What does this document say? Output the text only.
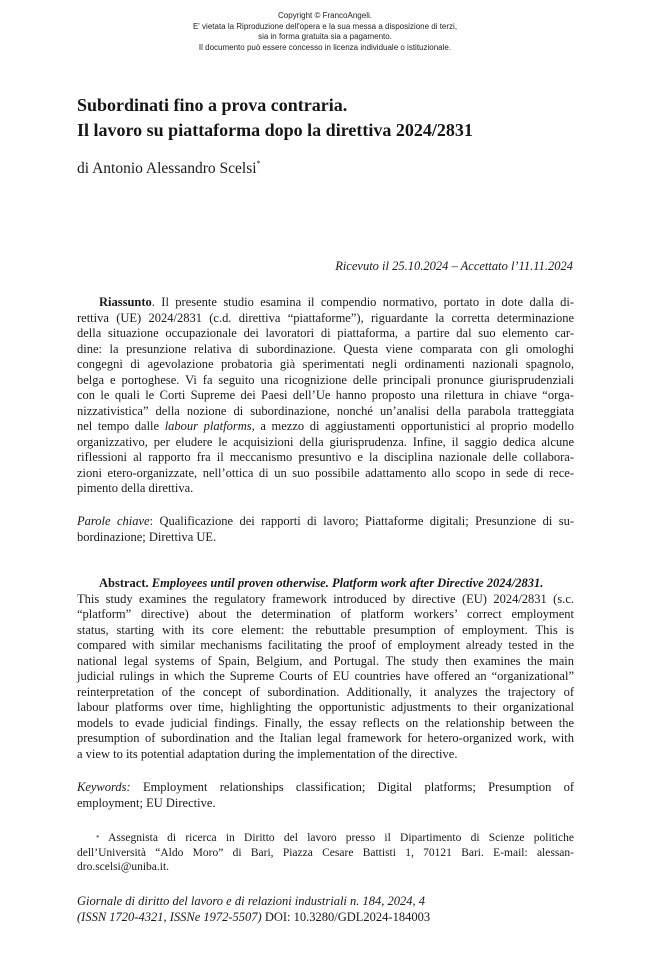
Copyright © FrancoAngeli.
E' vietata la Riproduzione dell'opera e la sua messa a disposizione di terzi,
sia in forma gratuita sia a pagamento.
Il documento può essere concesso in licenza individuale o istituzionale.
Subordinati fino a prova contraria.
Il lavoro su piattaforma dopo la direttiva 2024/2831
di Antonio Alessandro Scelsi*
Ricevuto il 25.10.2024 – Accettato l’11.11.2024
Riassunto. Il presente studio esamina il compendio normativo, portato in dote dalla di-
rettiva (UE) 2024/2831 (c.d. direttiva “piattaforme”), riguardante la corretta determinazione
della situazione occupazionale dei lavoratori di piattaforma, a partire dal suo elemento car-
dine: la presunzione relativa di subordinazione. Questa viene comparata con gli omologhi
congegni di agevolazione probatoria già sperimentati negli ordinamenti nazionali spagnolo,
belga e portoghese. Vi fa seguito una ricognizione delle principali pronunce giurisprudenziali
con le quali le Corti Supreme dei Paesi dell’Ue hanno proposto una rilettura in chiave “orga-
nizzativistica” della nozione di subordinazione, nonché un’analisi della parabola tratteggiata
nel tempo dalle labour platforms, a mezzo di aggiustamenti opportunistici al proprio modello
organizzativo, per eludere le acquisizioni della giurisprudenza. Infine, il saggio dedica alcune
riflessioni al rapporto fra il meccanismo presuntivo e la disciplina nazionale delle collabora-
zioni etero-organizzate, nell’ottica di un suo possibile adattamento allo scopo in sede di rece-
pimento della direttiva.
Parole chiave: Qualificazione dei rapporti di lavoro; Piattaforme digitali; Presunzione di su-
bordinazione; Direttiva UE.
Abstract. Employees until proven otherwise. Platform work after Directive 2024/2831.
This study examines the regulatory framework introduced by directive (EU) 2024/2831 (s.c.
“platform” directive) about the determination of platform workers’ correct employment
status, starting with its core element: the rebuttable presumption of employment. This is
compared with similar mechanisms facilitating the proof of employment already tested in the
national legal systems of Spain, Belgium, and Portugal. The study then examines the main
judicial rulings in which the Supreme Courts of EU countries have offered an “organizational”
reinterpretation of the concept of subordination. Additionally, it analyzes the trajectory of
labour platforms over time, highlighting the opportunistic adjustments to their organizational
models to evade judicial findings. Finally, the essay reflects on the relationship between the
presumption of subordination and the Italian legal framework for hetero-organized work, with
a view to its potential adaptation during the implementation of the directive.
Keywords: Employment relationships classification; Digital platforms; Presumption of
employment; EU Directive.
* Assegnista di ricerca in Diritto del lavoro presso il Dipartimento di Scienze politiche
dell’Università “Aldo Moro” di Bari, Piazza Cesare Battisti 1, 70121 Bari. E-mail: alessan-
dro.scelsi@uniba.it.
Giornale di diritto del lavoro e di relazioni industriali n. 184, 2024, 4
(ISSN 1720-4321, ISSNe 1972-5507) DOI: 10.3280/GDL2024-184003
